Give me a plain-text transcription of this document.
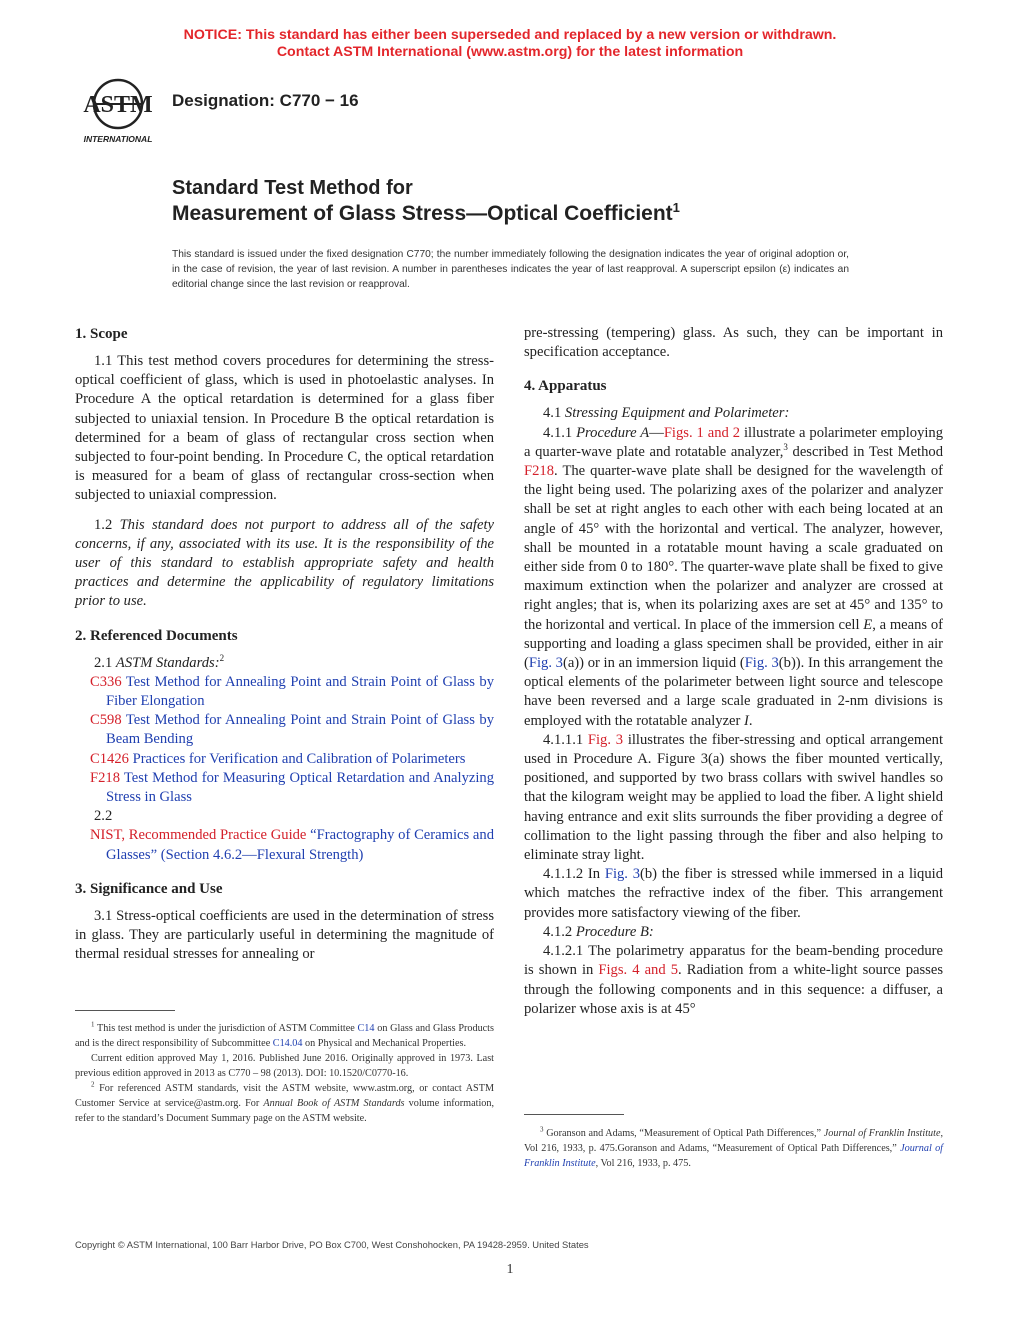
NOTICE: This standard has either been superseded and replaced by a new version or withdrawn.
Contact ASTM International (www.astm.org) for the latest information
ASTM
INTERNATIONAL
Designation: C770 − 16
Standard Test Method for
Measurement of Glass Stress—Optical Coefficient$^1$
This standard is issued under the fixed designation C770; the number immediately following the designation indicates the year of original adoption or, in the case of revision, the year of last revision. A number in parentheses indicates the year of last reapproval. A superscript epsilon (ε) indicates an editorial change since the last revision or reapproval.
1. Scope

1.1 This test method covers procedures for determining the stress-optical coefficient of glass, which is used in photoelastic analyses. In Procedure A the optical retardation is determined for a glass fiber subjected to uniaxial tension. In Procedure B the optical retardation is determined for a beam of glass of rectangular cross section when subjected to four-point bending. In Procedure C, the optical retardation is measured for a beam of glass of rectangular cross-section when subjected to uniaxial compression.

1.2 This standard does not purport to address all of the safety concerns, if any, associated with its use. It is the responsibility of the user of this standard to establish appropriate safety and health practices and determine the applicability of regulatory limitations prior to use.

2. Referenced Documents

2.1 ASTM Standards:$^2$

C336 Test Method for Annealing Point and Strain Point of Glass by Fiber Elongation

C598 Test Method for Annealing Point and Strain Point of Glass by Beam Bending

C1426 Practices for Verification and Calibration of Polarimeters

F218 Test Method for Measuring Optical Retardation and Analyzing Stress in Glass

2.2

NIST, Recommended Practice Guide “Fractography of Ceramics and Glasses” (Section 4.6.2—Flexural Strength)

3. Significance and Use

3.1 Stress-optical coefficients are used in the determination of stress in glass. They are particularly useful in determining the magnitude of thermal residual stresses for annealing or

$^1$ This test method is under the jurisdiction of ASTM Committee C14 on Glass and Glass Products and is the direct responsibility of Subcommittee C14.04 on Physical and Mechanical Properties.

Current edition approved May 1, 2016. Published June 2016. Originally approved in 1973. Last previous edition approved in 2013 as C770 – 98 (2013). DOI: 10.1520/C0770-16.

$^2$ For referenced ASTM standards, visit the ASTM website, www.astm.org, or contact ASTM Customer Service at service@astm.org. For Annual Book of ASTM Standards volume information, refer to the standard’s Document Summary page on the ASTM website.

pre-stressing (tempering) glass. As such, they can be important in specification acceptance.

4. Apparatus

4.1 Stressing Equipment and Polarimeter:

4.1.1 Procedure A—Figs. 1 and 2 illustrate a polarimeter employing a quarter-wave plate and rotatable analyzer,$^3$ described in Test Method F218. The quarter-wave plate shall be designed for the wavelength of the light being used. The polarizing axes of the polarizer and analyzer shall be set at right angles to each other with each being located at an angle of 45° with the horizontal and vertical. The analyzer, however, shall be mounted in a rotatable mount having a scale graduated on either side from 0 to 180°. The quarter-wave plate shall be fixed to give maximum extinction when the polarizer and analyzer are crossed at right angles; that is, when its polarizing axes are set at 45° and 135° to the horizontal and vertical. In place of the immersion cell E, a means of supporting and loading a glass specimen shall be provided, either in air (Fig. 3(a)) or in an immersion liquid (Fig. 3(b)). In this arrangement the optical elements of the polarimeter between light source and telescope have been reversed and a large scale graduated in 2-nm divisions is employed with the rotatable analyzer I.

4.1.1.1 Fig. 3 illustrates the fiber-stressing and optical arrangement used in Procedure A. Figure 3(a) shows the fiber mounted vertically, positioned, and supported by two brass collars with swivel handles so that the kilogram weight may be applied to load the fiber. A light shield having entrance and exit slits surrounds the fiber providing a degree of collimation to the light passing through the fiber and also helping to eliminate stray light.

4.1.1.2 In Fig. 3(b) the fiber is stressed while immersed in a liquid which matches the refractive index of the fiber. This arrangement provides more satisfactory viewing of the fiber.

4.1.2 Procedure B:

4.1.2.1 The polarimetry apparatus for the beam-bending procedure is shown in Figs. 4 and 5. Radiation from a white-light source passes through the following components and in this sequence: a diffuser, a polarizer whose axis is at 45°

$^3$ Goranson and Adams, “Measurement of Optical Path Differences,” Journal of Franklin Institute, Vol 216, 1933, p. 475.Goranson and Adams, “Measurement of Optical Path Differences,” Journal of Franklin Institute, Vol 216, 1933, p. 475.

Copyright © ASTM International, 100 Barr Harbor Drive, PO Box C700, West Conshohocken, PA 19428-2959. United States
1
